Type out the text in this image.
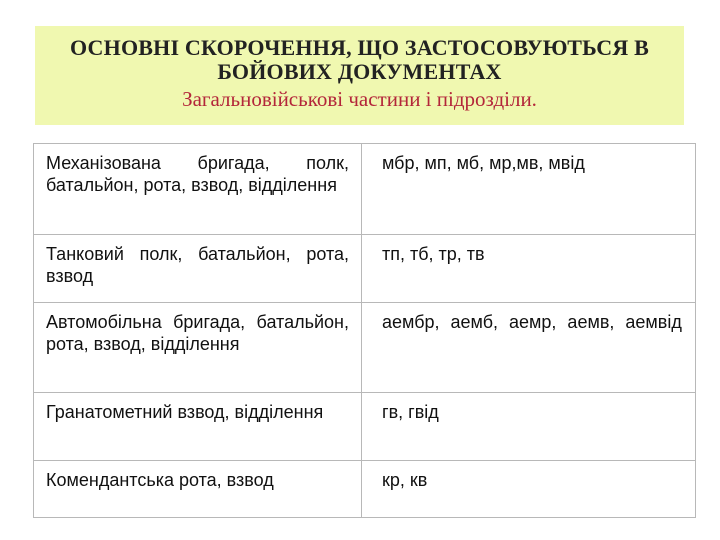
ОСНОВНІ СКОРОЧЕННЯ, ЩО ЗАСТОСОВУЮТЬСЯ В
БОЙОВИХ ДОКУМЕНТАХ
Загальновійськові частини і підрозділи.
Механізована бригада, полк, батальйон, рота, взвод, відділення	мбр, мп, мб, мр,мв, мвід
Танковий полк, батальйон, рота, взвод	тп, тб, тр, тв
Автомобільна бригада, батальйон, рота, взвод, відділення	аембр, аемб, аемр, аемв, аемвід
Гранатометний взвод, відділення	гв, гвід
Комендантська рота, взвод	кр, кв
